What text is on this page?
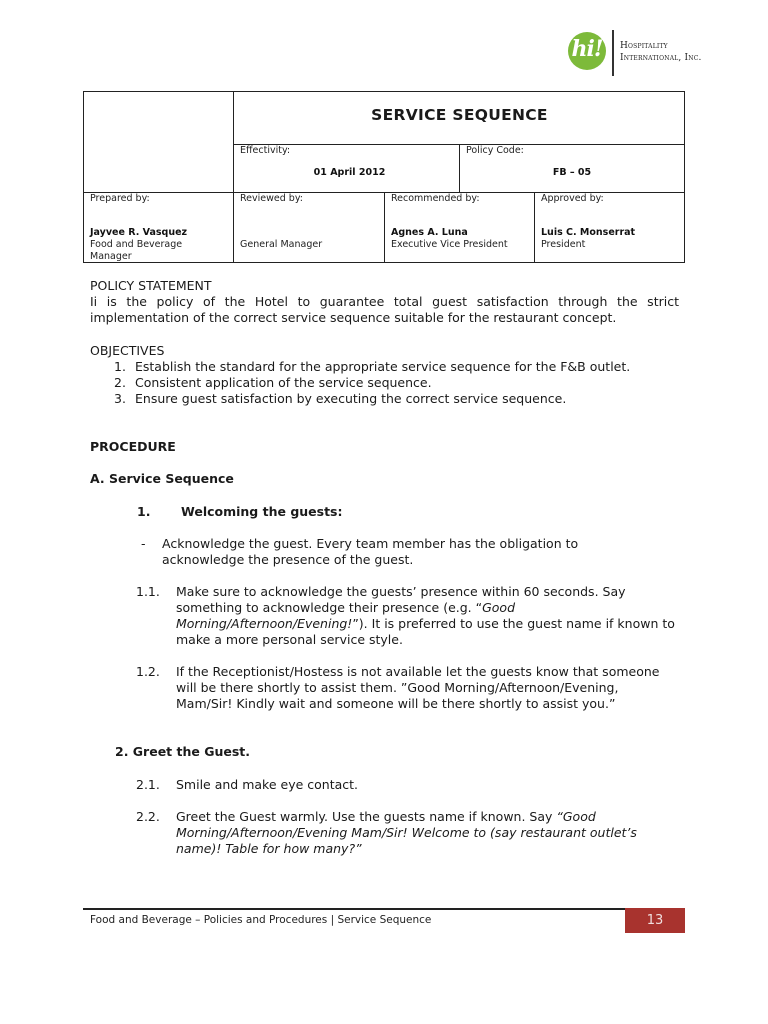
hi! Hospitality
International, Inc.
SERVICE SEQUENCE
Effectivity:
01 April 2012
Policy Code:
FB – 05
Prepared by:
Jayvee R. Vasquez
Food and Beverage Manager
Reviewed by:
General Manager
Recommended by:
Agnes A. Luna
Executive Vice President
Approved by:
Luis C. Monserrat
President
POLICY STATEMENT
Ii is the policy of the Hotel to guarantee total guest satisfaction through the strict implementation of the correct service sequence suitable for the restaurant concept.
OBJECTIVES
1. Establish the standard for the appropriate service sequence for the F&B outlet.
2. Consistent application of the service sequence.
3. Ensure guest satisfaction by executing the correct service sequence.
PROCEDURE
A. Service Sequence
1. Welcoming the guests:
- Acknowledge the guest. Every team member has the obligation to acknowledge the presence of the guest.
1.1. Make sure to acknowledge the guests’ presence within 60 seconds. Say something to acknowledge their presence (e.g. “Good Morning/Afternoon/Evening!”). It is preferred to use the guest name if known to make a more personal service style.
1.2. If the Receptionist/Hostess is not available let the guests know that someone will be there shortly to assist them. ”Good Morning/Afternoon/Evening, Mam/Sir! Kindly wait and someone will be there shortly to assist you.”
2. Greet the Guest.
2.1. Smile and make eye contact.
2.2. Greet the Guest warmly. Use the guests name if known. Say “Good Morning/Afternoon/Evening Mam/Sir! Welcome to (say restaurant outlet’s name)! Table for how many?”
Food and Beverage – Policies and Procedures | Service Sequence	13
